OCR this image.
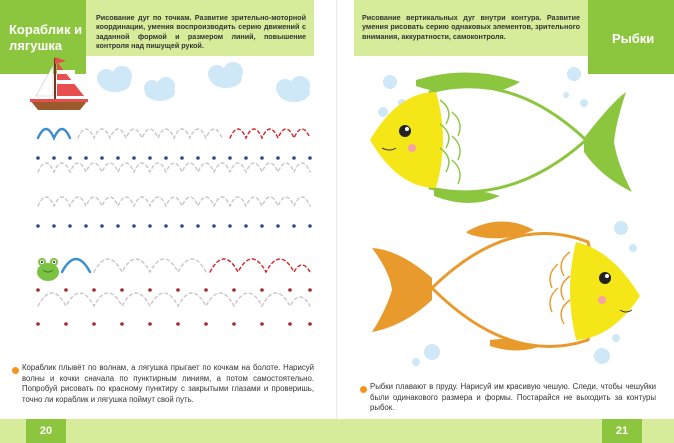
Кораблик и лягушка
Рисование дуг по точкам. Развитие зрительно-моторной координации, умения воспроизводить серию движений с заданной формой и размером линий, повышение контроля над пишущей рукой.	Рыбки
Рисование вертикальных дуг внутри контура. Развитие умения рисовать серию однаковых элементов, зрительного внимания, аккуратности, самоконтроля.
Кораблик плывёт по волнам, а лягушка прыгает по кочкам на болоте. Нарисуй волны и кочки сначала по пунктирным линиям, а потом самостоятельно. Попробуй рисовать по красному пунктиру с закрытыми глазами и проверишь, точно ли кораблик и лягушка поймут свой путь.
Рыбки плавают в пруду. Нарисуй им красивую чешую. Следи, чтобы чешуйки были одинакового размера и формы. Постарайся не выходить за контуры рыбок.
20	21
